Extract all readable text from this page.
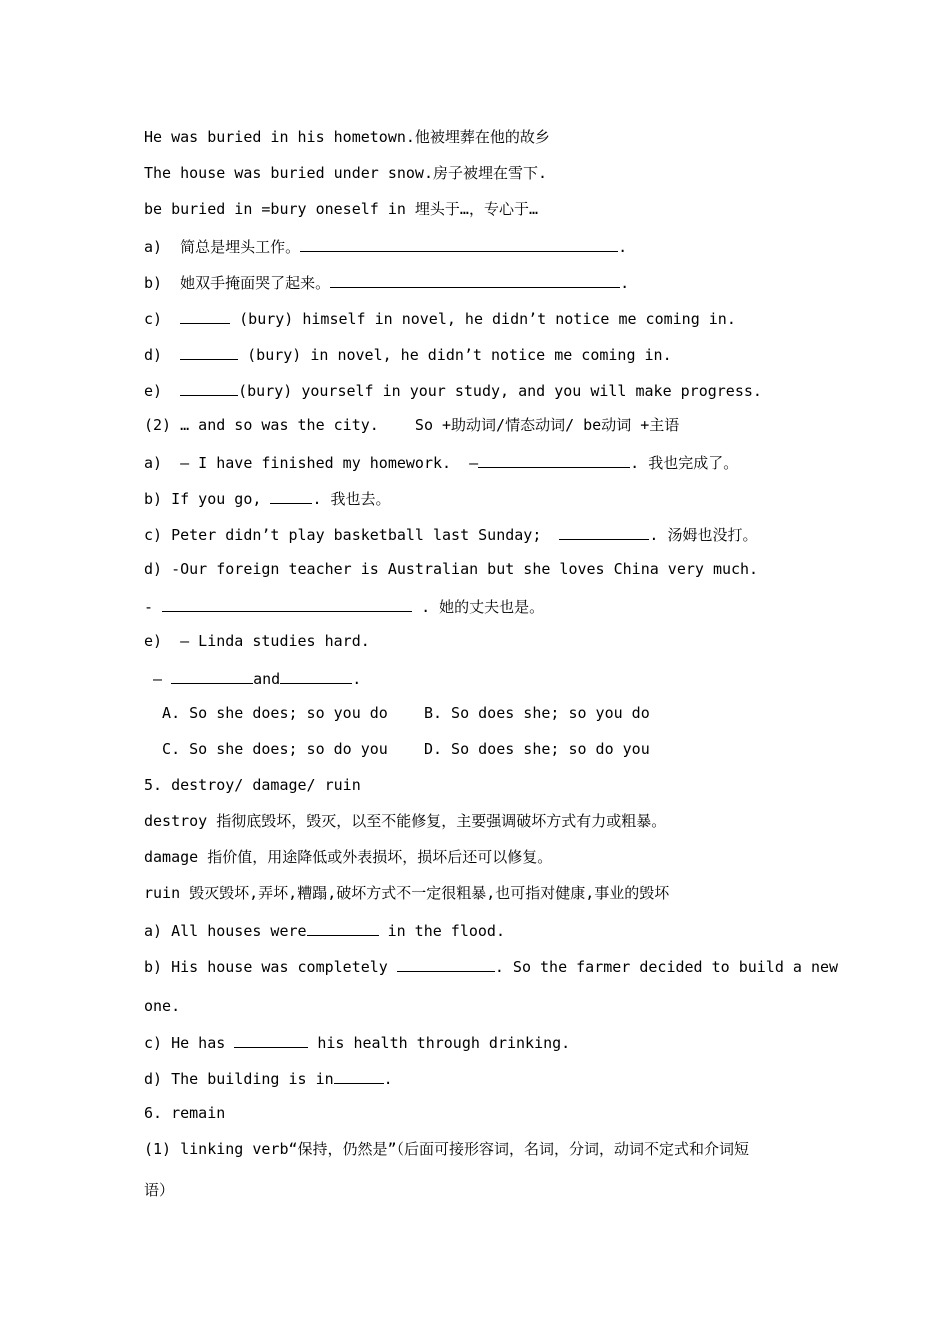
He was buried in his hometown.他被埋葬在他的故乡
The house was buried under snow.房子被埋在雪下.
be buried in =bury oneself in 埋头于…，专心于…
a)  简总是埋头工作。	.
b)  她双手掩面哭了起来。	.
c)	(bury) himself in novel, he didn’t notice me coming in.
d)	(bury) in novel, he didn’t notice me coming in.
e)	(bury) yourself in your study, and you will make progress.
(2) … and so was the city.    So +助动词/情态动词/ be动词 +主语
a)  – I have finished my homework.  —	. 我也完成了。
b) If you go,	. 我也去。
c) Peter didn’t play basketball last Sunday;	. 汤姆也没打。
d) -Our foreign teacher is Australian but she loves China very much.
-	. 她的丈夫也是。
e)  – Linda studies hard.
–	and	.
A. So she does; so you do    B. So does she; so you do
C. So she does; so do you    D. So does she; so do you
5. destroy/ damage/ ruin
destroy 指彻底毁坏，毁灭，以至不能修复，主要强调破坏方式有力或粗暴。
damage 指价值，用途降低或外表损坏，损坏后还可以修复。
ruin 毁灭毁坏,弄坏,糟蹋,破坏方式不一定很粗暴,也可指对健康,事业的毁坏
a) All houses were	in the flood.
b) His house was completely	. So the farmer decided to build a new
one.
c) He has	his health through drinking.
d) The building is in	.
6. remain
(1) linking verb“保持，仍然是”（后面可接形容词，名词，分词，动词不定式和介词短
语）
